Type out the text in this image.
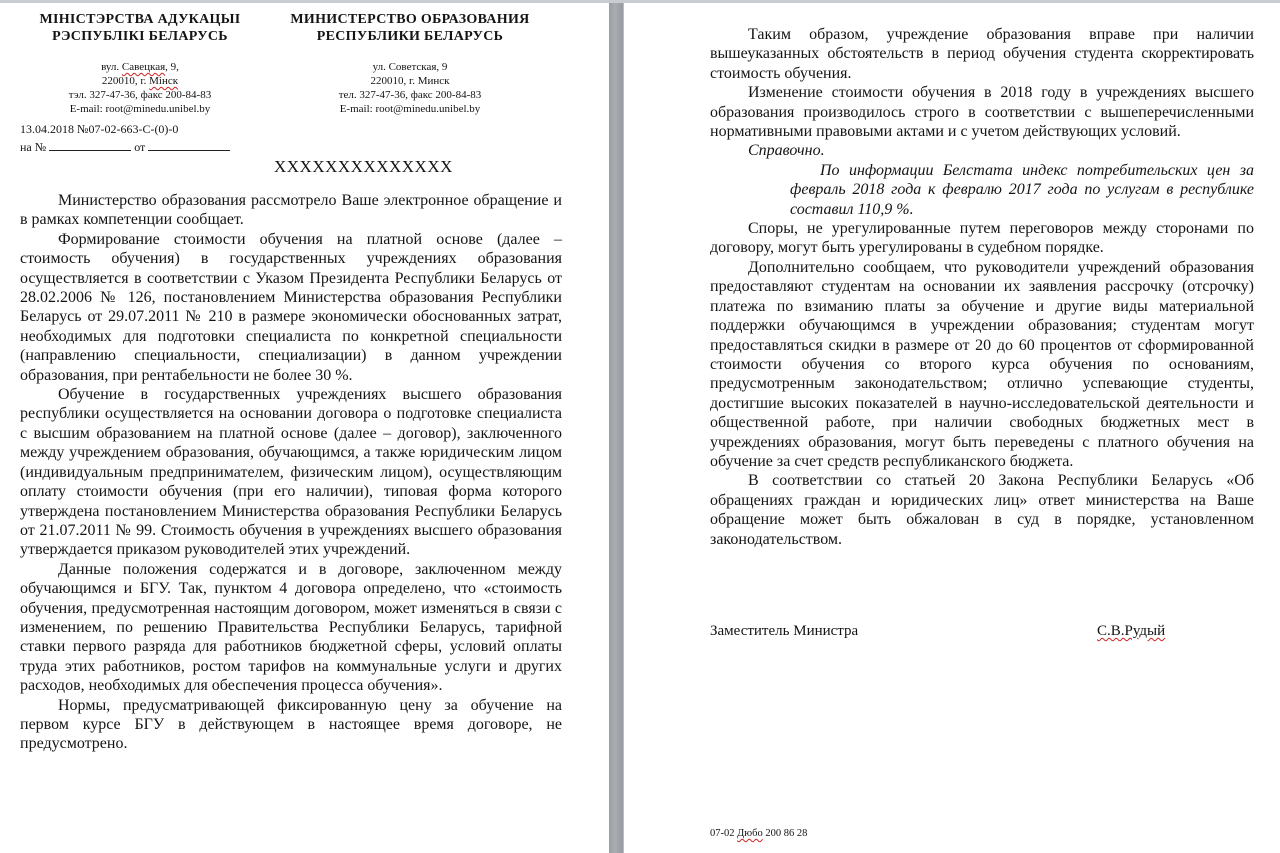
МІНІСТЭРСТВА АДУКАЦЫІ
РЭСПУБЛІКІ БЕЛАРУСЬ
вул. Савецкая, 9,
220010, г. Мінск
тэл. 327-47-36, факс 200-84-83
E-mail: root@minedu.unibel.by
МИНИСТЕРСТВО ОБРАЗОВАНИЯ
РЕСПУБЛИКИ БЕЛАРУСЬ
ул. Советская, 9
220010, г. Минск
тел. 327-47-36, факс 200-84-83
E-mail: root@minedu.unibel.by
13.04.2018 №07-02-663-С-(0)-0
на №	от
ХХХХХХХХХХХХХХ

Министерство образования рассмотрело Ваше электронное обращение и в рамках компетенции сообщает.

Формирование стоимости обучения на платной основе (далее – стоимость обучения) в государственных учреждениях образования осуществляется в соответствии с Указом Президента Республики Беларусь от 28.02.2006 № 126, постановлением Министерства образования Республики Беларусь от 29.07.2011 № 210 в размере экономически обоснованных затрат, необходимых для подготовки специалиста по конкретной специальности (направлению специальности, специализации) в данном учреждении образования, при рентабельности не более 30 %.

Обучение в государственных учреждениях высшего образования республики осуществляется на основании договора о подготовке специалиста с высшим образованием на платной основе (далее – договор), заключенного между учреждением образования, обучающимся, а также юридическим лицом (индивидуальным предпринимателем, физическим лицом), осуществляющим оплату стоимости обучения (при его наличии), типовая форма которого утверждена постановлением Министерства образования Республики Беларусь от 21.07.2011 № 99. Стоимость обучения в учреждениях высшего образования утверждается приказом руководителей этих учреждений.

Данные положения содержатся и в договоре, заключенном между обучающимся и БГУ. Так, пунктом 4 договора определено, что «стоимость обучения, предусмотренная настоящим договором, может изменяться в связи с изменением, по решению Правительства Республики Беларусь, тарифной ставки первого разряда для работников бюджетной сферы, условий оплаты труда этих работников, ростом тарифов на коммунальные услуги и других расходов, необходимых для обеспечения процесса обучения».

Нормы, предусматривающей фиксированную цену за обучение на первом курсе БГУ в действующем в настоящее время договоре, не предусмотрено.

Таким образом, учреждение образования вправе при наличии вышеуказанных обстоятельств в период обучения студента скорректировать стоимость обучения.

Изменение стоимости обучения в 2018 году в учреждениях высшего образования производилось строго в соответствии с вышеперечисленными нормативными правовыми актами и с учетом действующих условий.

Справочно.

По информации Белстата индекс потребительских цен за февраль 2018 года к февралю 2017 года по услугам в республике составил 110,9 %.

Споры, не урегулированные путем переговоров между сторонами по договору, могут быть урегулированы в судебном порядке.

Дополнительно сообщаем, что руководители учреждений образования предоставляют студентам на основании их заявления рассрочку (отсрочку) платежа по взиманию платы за обучение и другие виды материальной поддержки обучающимся в учреждении образования; студентам могут предоставляться скидки в размере от 20 до 60 процентов от сформированной стоимости обучения со второго курса обучения по основаниям, предусмотренным законодательством; отлично успевающие студенты, достигшие высоких показателей в научно-исследовательской деятельности и общественной работе, при наличии свободных бюджетных мест в учреждениях образования, могут быть переведены с платного обучения на обучение за счет средств республиканского бюджета.

В соответствии со статьей 20 Закона Республики Беларусь «Об обращениях граждан и юридических лиц» ответ министерства на Ваше обращение может быть обжалован в суд в порядке, установленном законодательством.

Заместитель Министра	С.В.Рудый
07-02 Дюбо 200 86 28
